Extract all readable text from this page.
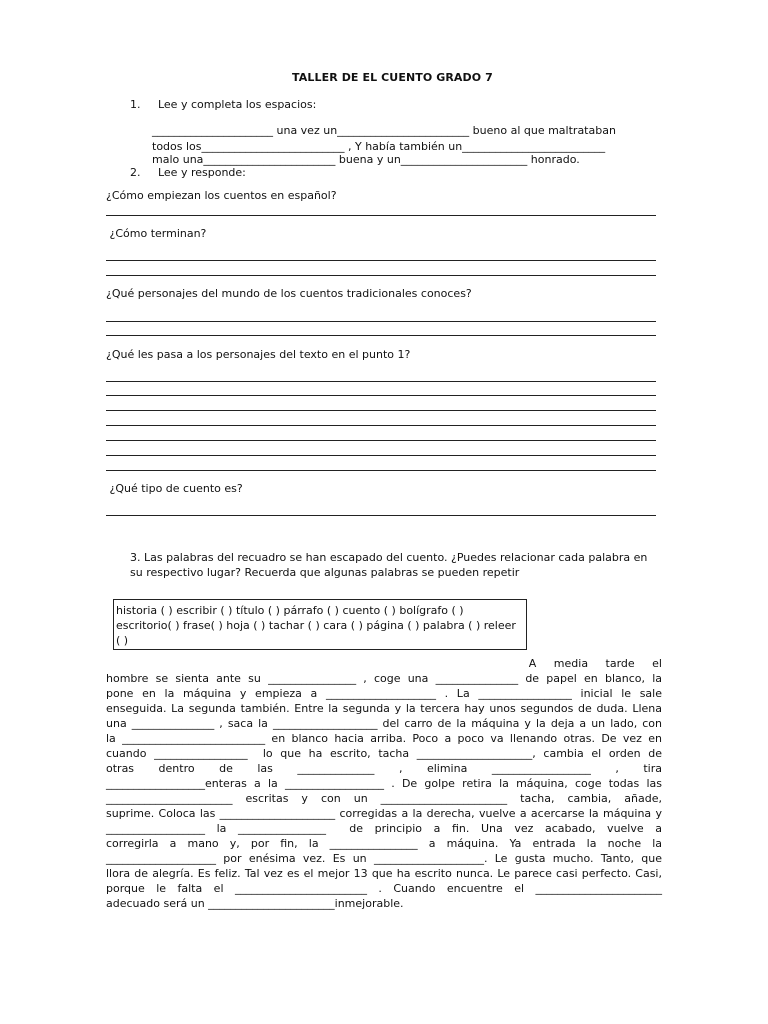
TALLER DE EL CUENTO GRADO 7
1.     Lee y completa los espacios:
______________________ una vez un________________________ bueno al que maltrataban
todos los__________________________ , Y había también un__________________________
malo una________________________ buena y un_______________________ honrado.
2.     Lee y responde:
¿Cómo empiezan los cuentos en español?
¿Cómo terminan?
¿Qué personajes del mundo de los cuentos tradicionales conoces?
¿Qué les pasa a los personajes del texto en el punto 1?
¿Qué tipo de cuento es?
3. Las palabras del recuadro se han escapado del cuento. ¿Puedes relacionar cada palabra en su respectivo lugar? Recuerda que algunas palabras se pueden repetir
historia ( ) escribir ( ) título ( ) párrafo ( ) cuento ( ) bolígrafo ( ) escritorio( ) frase( ) hoja ( ) tachar ( ) cara ( ) página ( ) palabra ( ) releer ( )
A     media     tarde     el
hombre se sienta ante su ________________ , coge una _______________ de papel en blanco, la
pone en la máquina y empieza a ____________________ . La _________________ inicial le sale
enseguida. La segunda también. Entre la segunda y la tercera hay unos segundos de duda. Llena
una _______________ , saca la ___________________ del carro de la máquina y la deja a un lado, con
la __________________________ en blanco hacia arriba. Poco a poco va llenando otras. De vez en
cuando _________________  lo que ha escrito, tacha _____________________, cambia el orden de
otras     dentro     de     las     ______________     ,     elimina     __________________     ,     tira
__________________enteras a la __________________ . De golpe retira la máquina, coge todas las
_______________________ escritas y con un _______________________ tacha, cambia, añade,
suprime. Coloca las _____________________ corregidas a la derecha, vuelve a acercarse la máquina y
__________________ la ________________  de principio a fin. Una vez acabado, vuelve a
corregirla a mano y, por fin, la ________________ a máquina. Ya entrada la noche la
____________________ por enésima vez. Es un ____________________. Le gusta mucho. Tanto, que
llora de alegría. Es feliz. Tal vez es el mejor 13 que ha escrito nunca. Le parece casi perfecto. Casi,
porque le falta el ________________________ . Cuando encuentre el _______________________
adecuado será un _______________________inmejorable.
